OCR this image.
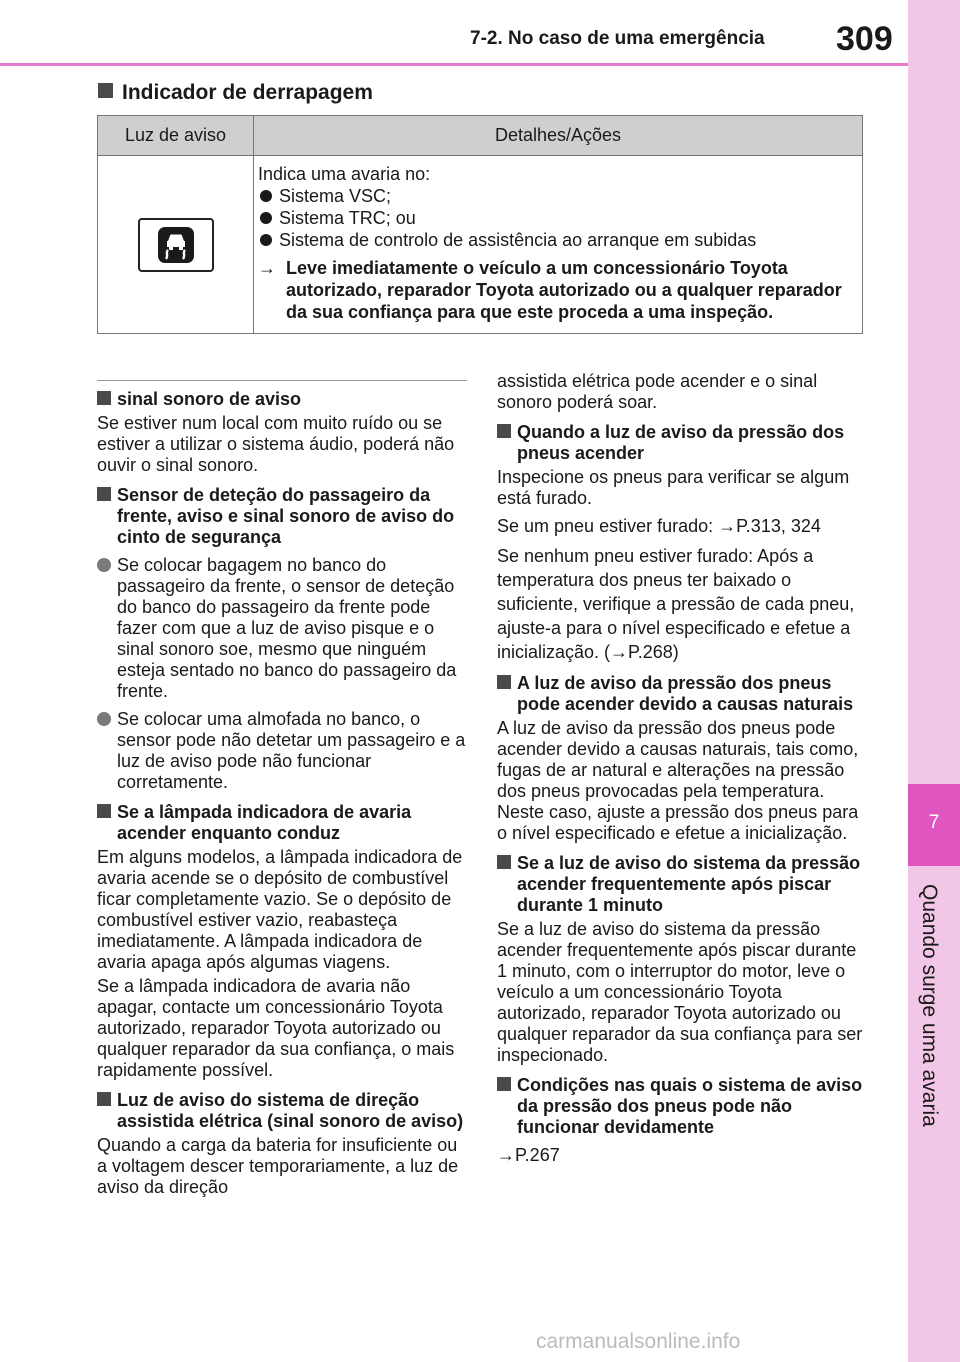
7-2. No caso de uma emergência 309
7
Quando surge uma avaria
Indicador de derrapagem
Luz de aviso	Detalhes/Ações

Indica uma avaria no:
Sistema VSC;
Sistema TRC; ou
Sistema de controlo de assistência ao arranque em subidas
→ Leve imediatamente o veículo a um concessionário Toyota autorizado, reparador Toyota autorizado ou a qualquer reparador da sua confiança para que este proceda a uma inspeção.
sinal sonoro de aviso
Se estiver num local com muito ruído ou se estiver a utilizar o sistema áudio, poderá não ouvir o sinal sonoro.
Sensor de deteção do passageiro da frente, aviso e sinal sonoro de aviso do cinto de segurança
Se colocar bagagem no banco do passageiro da frente, o sensor de deteção do banco do passageiro da frente pode fazer com que a luz de aviso pisque e o sinal sonoro soe, mesmo que ninguém esteja sentado no banco do passageiro da frente.
Se colocar uma almofada no banco, o sensor pode não detetar um passageiro e a luz de aviso pode não funcionar corretamente.
Se a lâmpada indicadora de avaria acender enquanto conduz
Em alguns modelos, a lâmpada indicadora de avaria acende se o depósito de combustível ficar completamente vazio. Se o depósito de combustível estiver vazio, reabasteça imediatamente. A lâmpada indicadora de avaria apaga após algumas viagens.
Se a lâmpada indicadora de avaria não apagar, contacte um concessionário Toyota autorizado, reparador Toyota autorizado ou qualquer reparador da sua confiança, o mais rapidamente possível.
Luz de aviso do sistema de direção assistida elétrica (sinal sonoro de aviso)
Quando a carga da bateria for insuficiente ou a voltagem descer temporariamente, a luz de aviso da direção
assistida elétrica pode acender e o sinal sonoro poderá soar.
Quando a luz de aviso da pressão dos pneus acender
Inspecione os pneus para verificar se algum está furado.
Se um pneu estiver furado: →P.313, 324
Se nenhum pneu estiver furado: Após a temperatura dos pneus ter baixado o suficiente, verifique a pressão de cada pneu, ajuste-a para o nível especificado e efetue a inicialização. (→P.268)
A luz de aviso da pressão dos pneus pode acender devido a causas naturais
A luz de aviso da pressão dos pneus pode acender devido a causas naturais, tais como, fugas de ar natural e alterações na pressão dos pneus provocadas pela temperatura. Neste caso, ajuste a pressão dos pneus para o nível especificado e efetue a inicialização.
Se a luz de aviso do sistema da pressão acender frequentemente após piscar durante 1 minuto
Se a luz de aviso do sistema da pressão acender frequentemente após piscar durante 1 minuto, com o interruptor do motor, leve o veículo a um concessionário Toyota autorizado, reparador Toyota autorizado ou qualquer reparador da sua confiança para ser inspecionado.
Condições nas quais o sistema de aviso da pressão dos pneus pode não funcionar devidamente
→P.267
carmanualsonline.info
